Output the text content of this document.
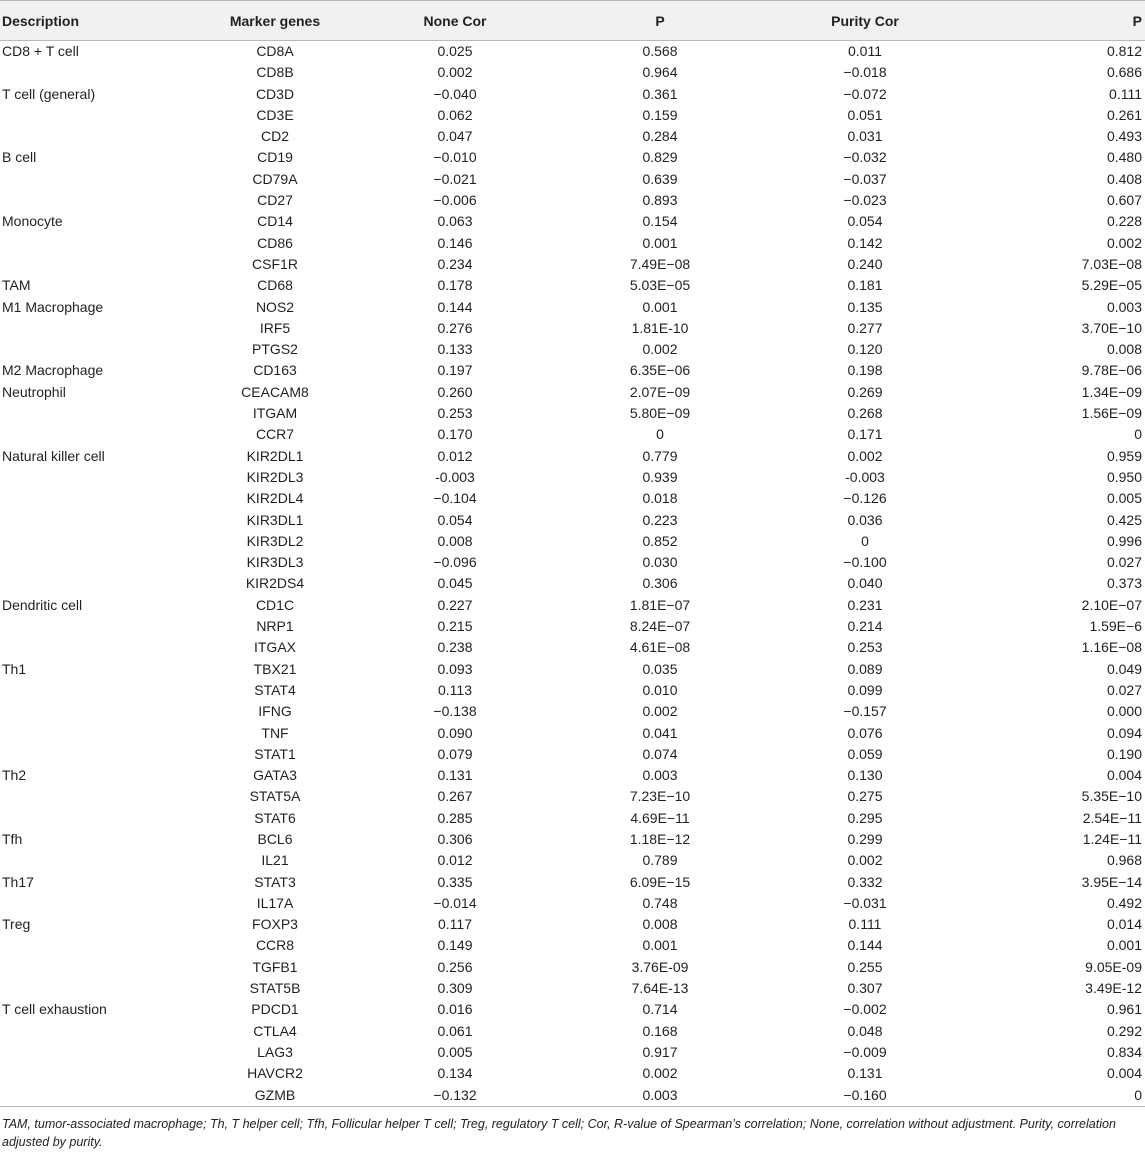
Description	Marker genes	None Cor	P	Purity Cor	P
CD8 + T cell	CD8A	0.025	0.568	0.011	0.812
	CD8B	0.002	0.964	−0.018	0.686
T cell (general)	CD3D	−0.040	0.361	−0.072	0.111
	CD3E	0.062	0.159	0.051	0.261
	CD2	0.047	0.284	0.031	0.493
B cell	CD19	−0.010	0.829	−0.032	0.480
	CD79A	−0.021	0.639	−0.037	0.408
	CD27	−0.006	0.893	−0.023	0.607
Monocyte	CD14	0.063	0.154	0.054	0.228
	CD86	0.146	0.001	0.142	0.002
	CSF1R	0.234	7.49E−08	0.240	7.03E−08
TAM	CD68	0.178	5.03E−05	0.181	5.29E−05
M1 Macrophage	NOS2	0.144	0.001	0.135	0.003
	IRF5	0.276	1.81E-10	0.277	3.70E−10
	PTGS2	0.133	0.002	0.120	0.008
M2 Macrophage	CD163	0.197	6.35E−06	0.198	9.78E−06
Neutrophil	CEACAM8	0.260	2.07E−09	0.269	1.34E−09
	ITGAM	0.253	5.80E−09	0.268	1.56E−09
	CCR7	0.170	0	0.171	0
Natural killer cell	KIR2DL1	0.012	0.779	0.002	0.959
	KIR2DL3	-0.003	0.939	-0.003	0.950
	KIR2DL4	−0.104	0.018	−0.126	0.005
	KIR3DL1	0.054	0.223	0.036	0.425
	KIR3DL2	0.008	0.852	0	0.996
	KIR3DL3	−0.096	0.030	−0.100	0.027
	KIR2DS4	0.045	0.306	0.040	0.373
Dendritic cell	CD1C	0.227	1.81E−07	0.231	2.10E−07
	NRP1	0.215	8.24E−07	0.214	1.59E−6
	ITGAX	0.238	4.61E−08	0.253	1.16E−08
Th1	TBX21	0.093	0.035	0.089	0.049
	STAT4	0.113	0.010	0.099	0.027
	IFNG	−0.138	0.002	−0.157	0.000
	TNF	0.090	0.041	0.076	0.094
	STAT1	0.079	0.074	0.059	0.190
Th2	GATA3	0.131	0.003	0.130	0.004
	STAT5A	0.267	7.23E−10	0.275	5.35E−10
	STAT6	0.285	4.69E−11	0.295	2.54E−11
Tfh	BCL6	0.306	1.18E−12	0.299	1.24E−11
	IL21	0.012	0.789	0.002	0.968
Th17	STAT3	0.335	6.09E−15	0.332	3.95E−14
	IL17A	−0.014	0.748	−0.031	0.492
Treg	FOXP3	0.117	0.008	0.111	0.014
	CCR8	0.149	0.001	0.144	0.001
	TGFB1	0.256	3.76E-09	0.255	9.05E-09
	STAT5B	0.309	7.64E-13	0.307	3.49E-12
T cell exhaustion	PDCD1	0.016	0.714	−0.002	0.961
	CTLA4	0.061	0.168	0.048	0.292
	LAG3	0.005	0.917	−0.009	0.834
	HAVCR2	0.134	0.002	0.131	0.004
	GZMB	−0.132	0.003	−0.160	0
TAM, tumor-associated macrophage; Th, T helper cell; Tfh, Follicular helper T cell; Treg, regulatory T cell; Cor, R-value of Spearman’s correlation; None, correlation without adjustment. Purity, correlation adjusted by purity.
